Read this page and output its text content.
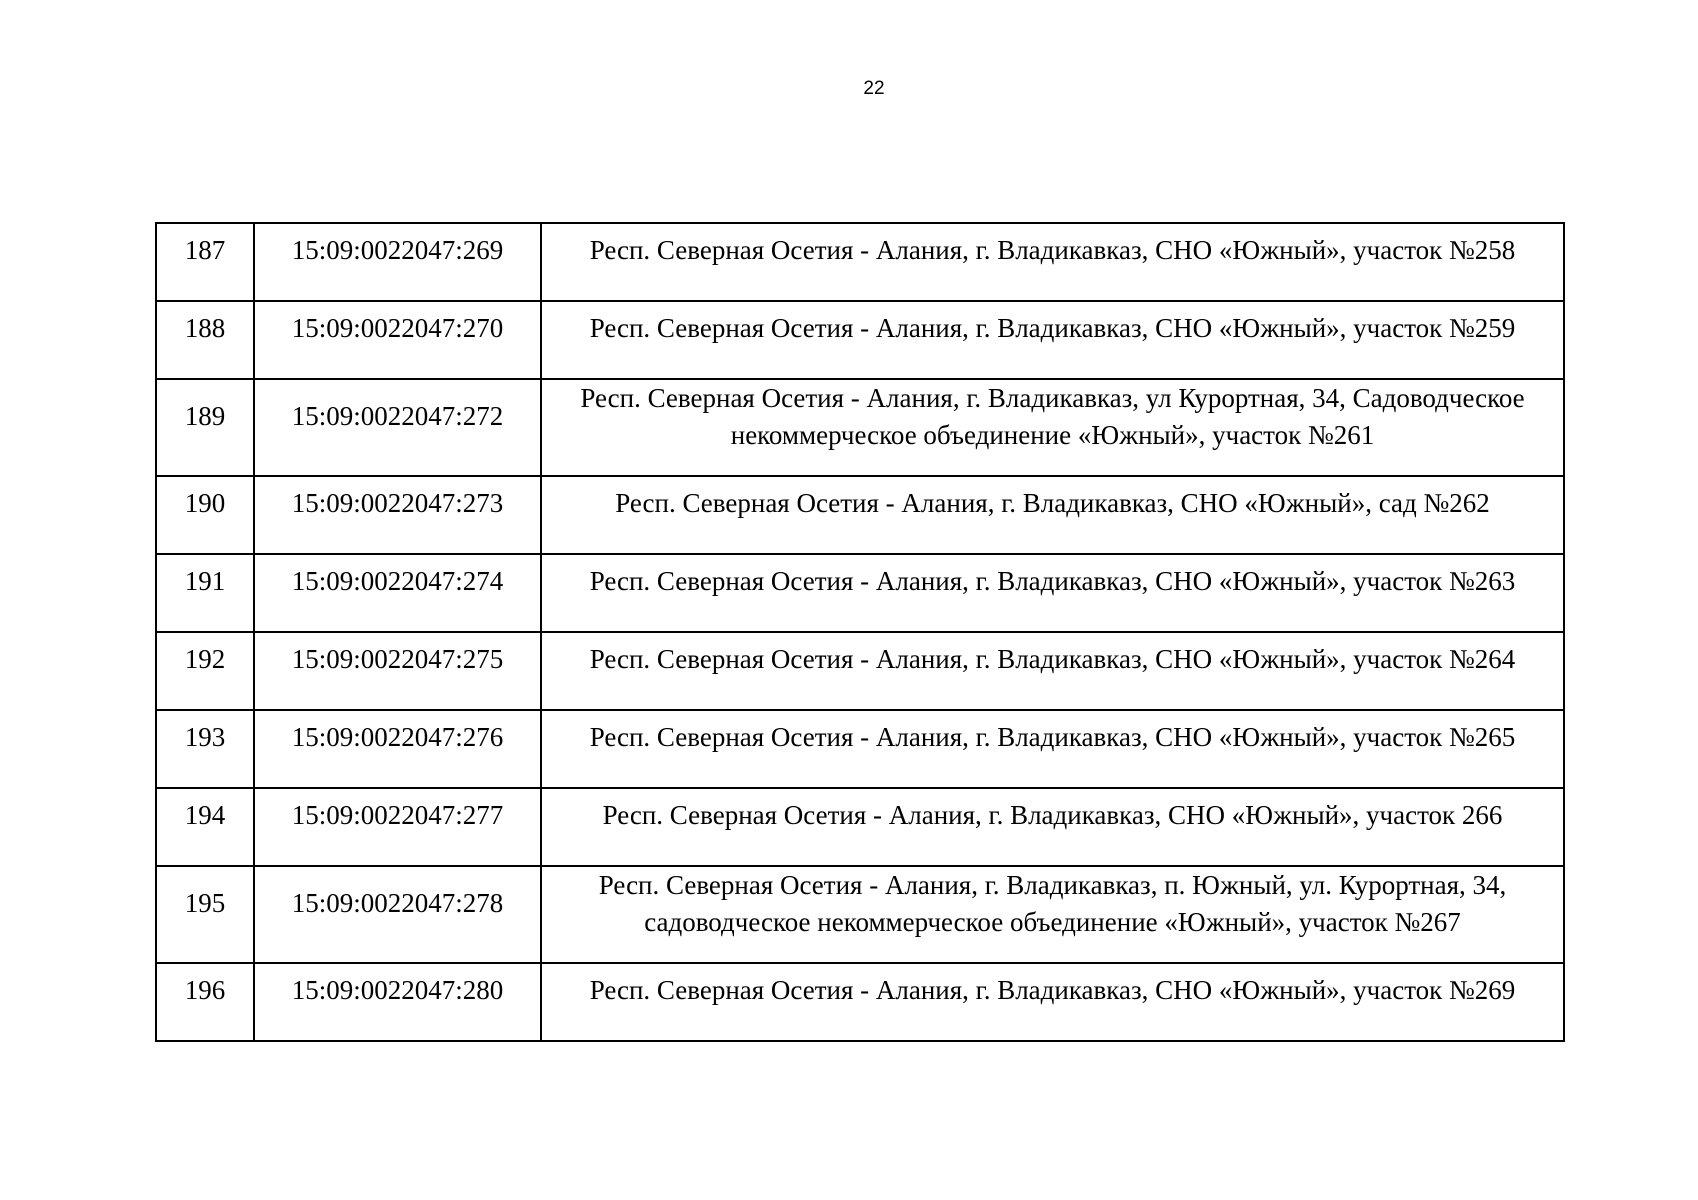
22
187	15:09:0022047:269	Респ. Северная Осетия - Алания, г. Владикавказ, СНО «Южный», участок №258
188	15:09:0022047:270	Респ. Северная Осетия - Алания, г. Владикавказ, СНО «Южный», участок №259
189	15:09:0022047:272	Респ. Северная Осетия - Алания, г. Владикавказ, ул Курортная, 34, Садоводческое некоммерческое объединение «Южный», участок №261
190	15:09:0022047:273	Респ. Северная Осетия - Алания, г. Владикавказ, СНО «Южный», сад №262
191	15:09:0022047:274	Респ. Северная Осетия - Алания, г. Владикавказ, СНО «Южный», участок №263
192	15:09:0022047:275	Респ. Северная Осетия - Алания, г. Владикавказ, СНО «Южный», участок №264
193	15:09:0022047:276	Респ. Северная Осетия - Алания, г. Владикавказ, СНО «Южный», участок №265
194	15:09:0022047:277	Респ. Северная Осетия - Алания, г. Владикавказ, СНО «Южный», участок 266
195	15:09:0022047:278	Респ. Северная Осетия - Алания, г. Владикавказ, п. Южный, ул. Курортная, 34, садоводческое некоммерческое объединение «Южный», участок №267
196	15:09:0022047:280	Респ. Северная Осетия - Алания, г. Владикавказ, СНО «Южный», участок №269
